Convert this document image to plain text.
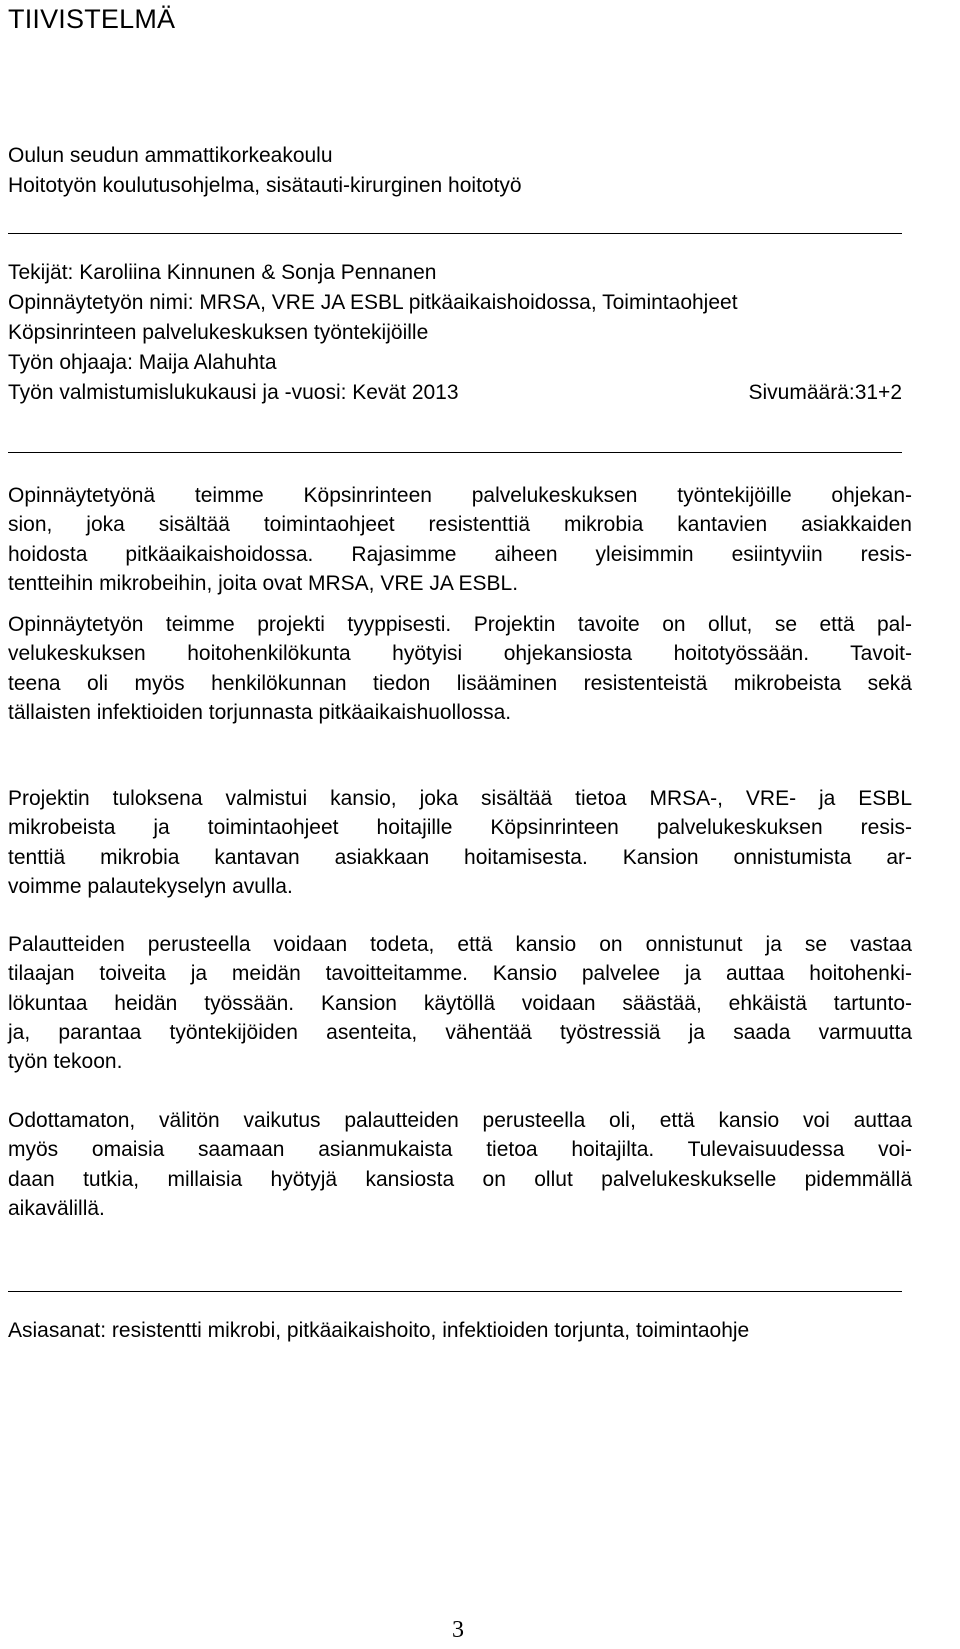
TIIVISTELMÄ
Oulun seudun ammattikorkeakoulu
Hoitotyön koulutusohjelma, sisätauti-kirurginen hoitotyö
Tekijät: Karoliina Kinnunen & Sonja Pennanen
Opinnäytetyön nimi: MRSA, VRE JA ESBL pitkäaikaishoidossa, Toimintaohjeet
Köpsinrinteen palvelukeskuksen työntekijöille
Työn ohjaaja: Maija Alahuhta
Työn valmistumislukukausi ja -vuosi: Kevät 2013	Sivumäärä:31+2
Opinnäytetyönä teimme Köpsinrinteen palvelukeskuksen työntekijöille ohjekan-
sion, joka sisältää toimintaohjeet resistenttiä mikrobia kantavien asiakkaiden
hoidosta pitkäaikaishoidossa. Rajasimme aiheen yleisimmin esiintyviin resis-
tentteihin mikrobeihin, joita ovat MRSA, VRE JA ESBL.
Opinnäytetyön teimme projekti tyyppisesti. Projektin tavoite on ollut, se että pal-
velukeskuksen hoitohenkilökunta hyötyisi ohjekansiosta hoitotyössään. Tavoit-
teena oli myös henkilökunnan tiedon lisääminen resistenteistä mikrobeista sekä
tällaisten infektioiden torjunnasta pitkäaikaishuollossa.
Projektin tuloksena valmistui kansio, joka sisältää tietoa MRSA-, VRE- ja ESBL
mikrobeista ja toimintaohjeet hoitajille Köpsinrinteen palvelukeskuksen resis-
tenttiä mikrobia kantavan asiakkaan hoitamisesta. Kansion onnistumista ar-
voimme palautekyselyn avulla.
Palautteiden perusteella voidaan todeta, että kansio on onnistunut ja se vastaa
tilaajan toiveita ja meidän tavoitteitamme. Kansio palvelee ja auttaa hoitohenki-
lökuntaa heidän työssään. Kansion käytöllä voidaan säästää, ehkäistä tartunto-
ja, parantaa työntekijöiden asenteita, vähentää työstressiä ja saada varmuutta
työn tekoon.
Odottamaton, välitön vaikutus palautteiden perusteella oli, että kansio voi auttaa
myös omaisia saamaan asianmukaista tietoa hoitajilta. Tulevaisuudessa voi-
daan tutkia, millaisia hyötyjä kansiosta on ollut palvelukeskukselle pidemmällä
aikavälillä.
Asiasanat: resistentti mikrobi, pitkäaikaishoito, infektioiden torjunta, toimintaohje
3
